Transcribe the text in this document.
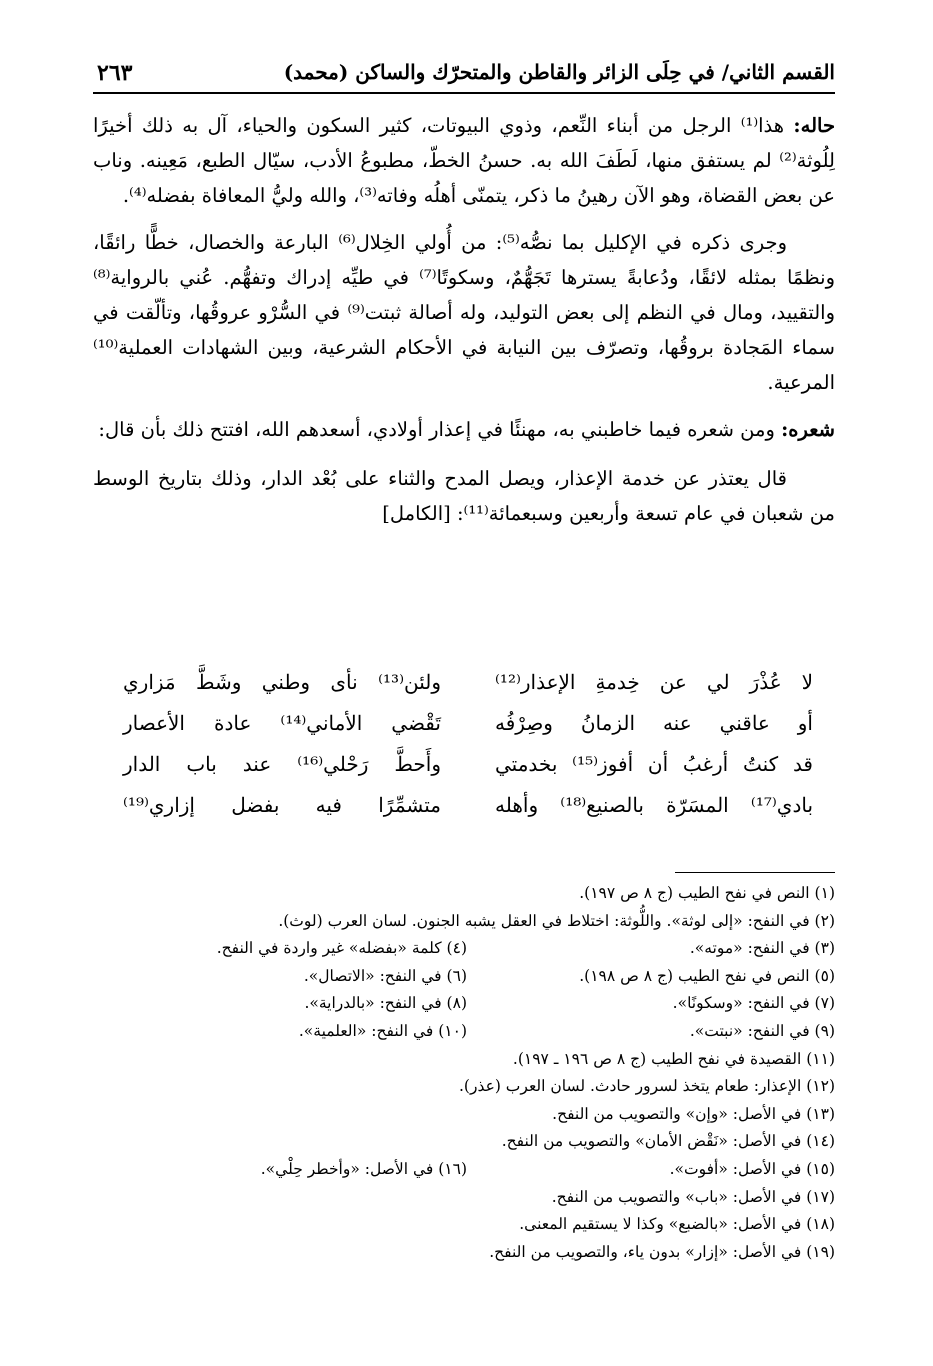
القسم الثاني/ في حِلَى الزائر والقاطن والمتحرّك والساكن (محمد)
٢٦٣

حاله: هذا⁽¹⁾ الرجل من أبناء النِّعم، وذوي البيوتات، كثير السكون والحياء، آل به ذلك أخيرًا لِلُوثة⁽²⁾ لم يستفق منها، لَطَفَ الله به. حسنُ الخطّ، مطبوعُ الأدب، سيّال الطبع، مَعِينه. وناب عن بعض القضاة، وهو الآن رهينُ ما ذكر، يتمنّى أهلُه وفاته⁽³⁾، والله وليُّ المعافاة بفضله⁽⁴⁾.

وجرى ذكره في الإكليل بما نصُّه⁽⁵⁾: من أُولي الخِلال⁽⁶⁾ البارعة والخصال، خطًّا رائقًا، ونظمًا بمثله لائقًا، ودُعابةً يسترها تَجَهُّمٌ، وسكوتًا⁽⁷⁾ في طيِّه إدراك وتفهُّم. عُني بالرواية⁽⁸⁾ والتقييد، ومال في النظم إلى بعض التوليد، وله أصالة ثبتت⁽⁹⁾ في السُّرْو عروقُها، وتألّقت في سماء المَجادة بروقُها، وتصرّف بين النيابة في الأحكام الشرعية، وبين الشهادات العملية⁽¹⁰⁾ المرعية.

شعره: ومن شعره فيما خاطبني به، مهنئًا في إعذار أولادي، أسعدهم الله، افتتح ذلك بأن قال:

قال يعتذر عن خدمة الإعذار، ويصل المدح والثناء على بُعْد الدار، وذلك بتاريخ الوسط من شعبان في عام تسعة وأربعين وسبعمائة⁽¹¹⁾: [الكامل]

لا عُذْرَ لي عن خِدمةِ الإعذار⁽¹²⁾
ولئن⁽¹³⁾ نأى وطني وشَطَّ مَزاري
أو عاقني عنه الزمانُ وصِرْفُه
تَقْضي الأماني⁽¹⁴⁾ عادة الأعصار
قد كنتُ أرغبُ أن أفوز⁽¹⁵⁾ بخدمتي
وأَحطَّ رَحْلي⁽¹⁶⁾ عند باب الدار
بادي⁽¹⁷⁾ المسَرّة بالصنيع⁽¹⁸⁾ وأهله
متشمِّرًا فيه بفضل إزاري⁽¹⁹⁾
(١) النص في نفح الطيب (ج ٨ ص ١٩٧).
(٢) في النفح: «إلى لوثة». واللُّوثة: اختلاط في العقل يشبه الجنون. لسان العرب (لوث).
(٣) في النفح: «موته».
(٤) كلمة «بفضله» غير واردة في النفح.
(٥) النص في نفح الطيب (ج ٨ ص ١٩٨).
(٦) في النفح: «الاتصال».
(٧) في النفح: «وسكونًا».
(٨) في النفح: «بالدراية».
(٩) في النفح: «نبتت».
(١٠) في النفح: «العلمية».
(١١) القصيدة في نفح الطيب (ج ٨ ص ١٩٦ ـ ١٩٧).
(١٢) الإعذار: طعام يتخذ لسرور حادث. لسان العرب (عذر).
(١٣) في الأصل: «وإن» والتصويب من النفح.
(١٤) في الأصل: «نَقْض الأمان» والتصويب من النفح.
(١٥) في الأصل: «أفوت».
(١٦) في الأصل: «وأخطر حِلْي».
(١٧) في الأصل: «باب» والتصويب من النفح.
(١٨) في الأصل: «بالضبع» وكذا لا يستقيم المعنى.
(١٩) في الأصل: «إزار» بدون ياء، والتصويب من النفح.
